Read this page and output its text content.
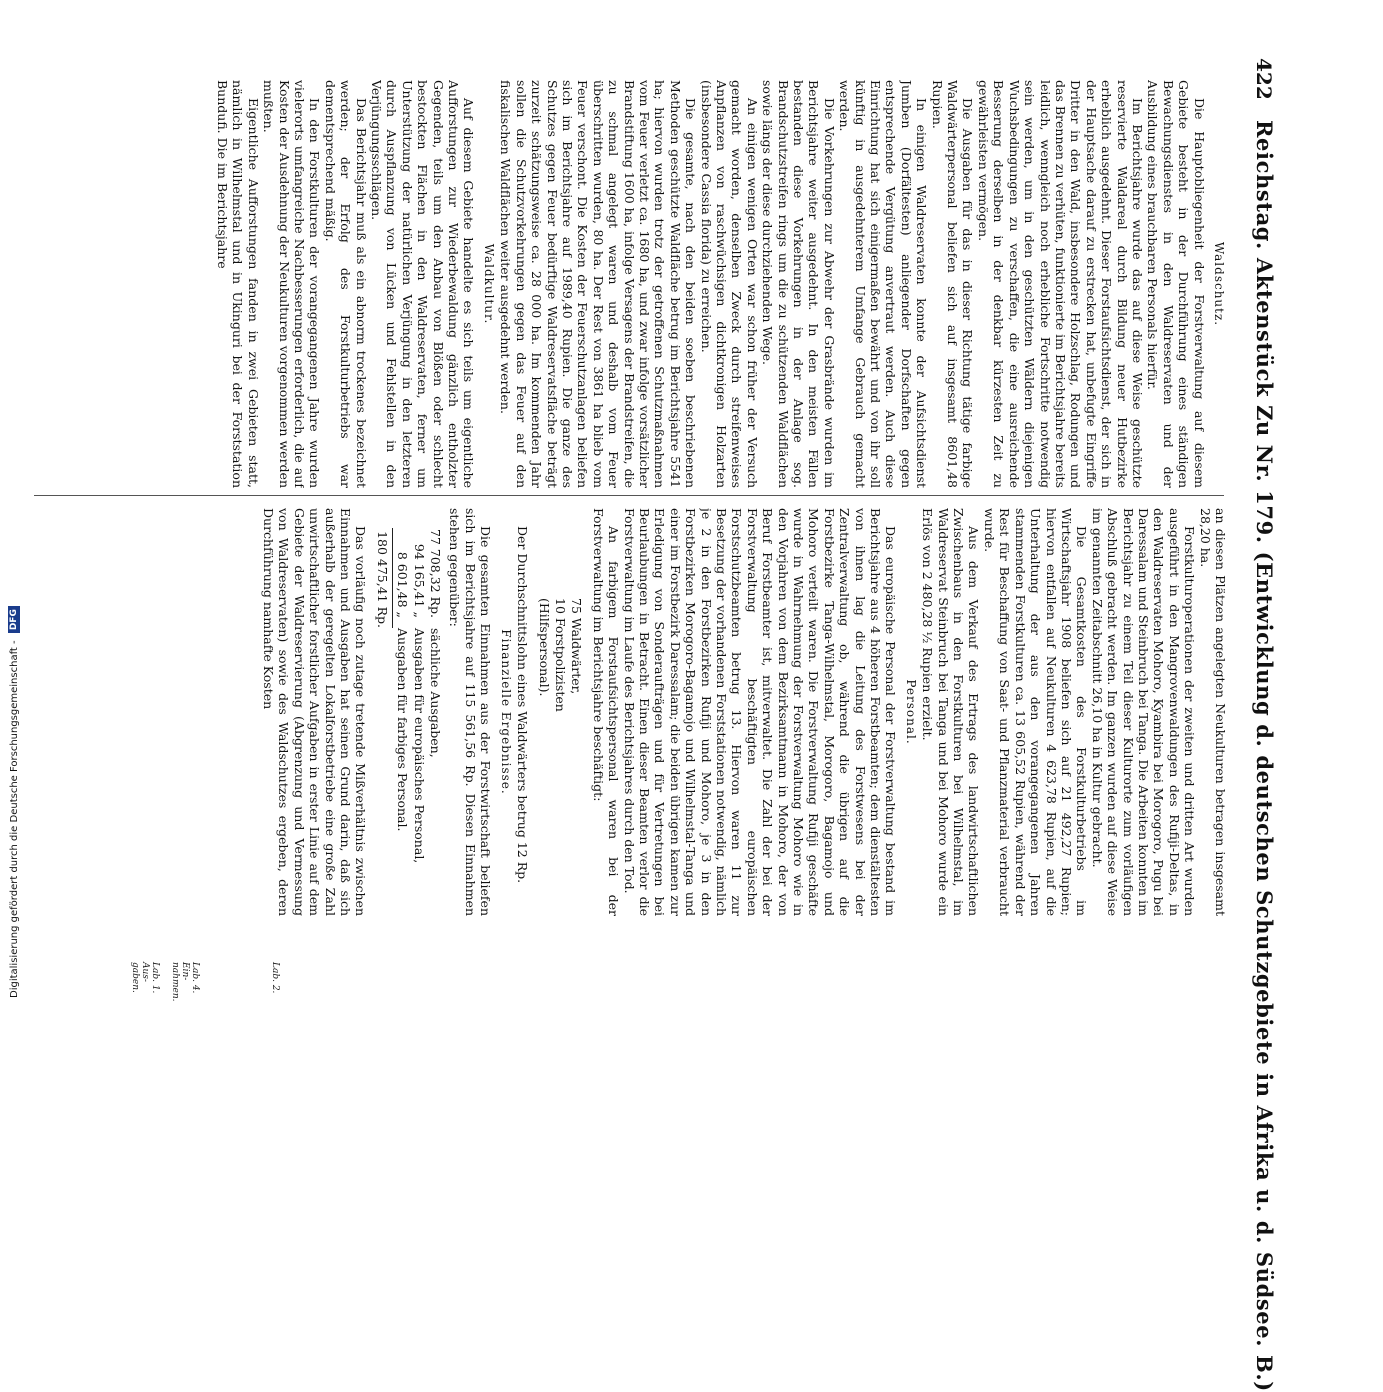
422
Reichstag. Aktenstück Zu Nr. 179. (Entwicklung d. deutschen Schutzgebiete in Afrika u. d. Südsee. B.)
Waldschutz.

Die Hauptobliegenheit der Forstverwaltung auf diesem Gebiete besteht in der Durchführung eines ständigen Bewachungsdienstes in den Waldreservaten und der Ausbildung eines brauchbaren Personals hierfür.

Im Berichtsjahre wurde das auf diese Weise geschützte reservierte Waldareal durch Bildung neuer Hutbezirke erheblich ausgedehnt. Dieser Forstaufsichtsdienst, der sich in der Hauptsache darauf zu erstrecken hat, unbefugte Eingriffe Dritter in den Wald, insbesondere Holzschlag, Rodungen und das Brennen zu verhüten, funktionierte im Berichtsjahre bereits leidlich, wenngleich noch erhebliche Fortschritte notwendig sein werden, um in den geschützten Wäldern diejenigen Wuchsbedingungen zu verschaffen, die eine ausreichende Besserung derselben in der denkbar kürzesten Zeit zu gewährleisten vermögen.

Die Ausgaben für das in dieser Richtung tätige farbige Waldwärterpersonal beliefen sich auf insgesamt 8601,48 Rupien.

In einigen Waldreservaten konnte der Aufsichtsdienst Jumben (Dorfältesten) anliegender Dorfschaften gegen entsprechende Vergütung anvertraut werden. Auch diese Einrichtung hat sich einigermaßen bewährt und von ihr soll künftig in ausgedehnterem Umfange Gebrauch gemacht werden.

Die Vorkehrungen zur Abwehr der Grasbrände wurden im Berichtsjahre weiter ausgedehnt. In den meisten Fällen bestanden diese Vorkehrungen in der Anlage sog. Brandschutzstreifen rings um die zu schützenden Waldflächen sowie längs der diese durchziehenden Wege.

An einigen wenigen Orten war schon früher der Versuch gemacht worden, denselben Zweck durch streifenweises Anpflanzen von raschwüchsigen dichtkronigen Holzarten (insbesondere Cassia florida) zu erreichen.

Die gesamte, nach den beiden soeben beschriebenen Methoden geschützte Waldfläche betrug im Berichtsjahre 5541 ha; hiervon wurden trotz der getroffenen Schutzmaßnahmen vom Feuer verletzt ca. 1680 ha, und zwar infolge vorsätzlicher Brandstiftung 1600 ha, infolge Versagens der Brandstreifen, die zu schmal angelegt waren und deshalb vom Feuer überschritten wurden, 80 ha. Der Rest von 3861 ha blieb vom Feuer verschont. Die Kosten der Feuerschutzanlagen beliefen sich im Berichtsjahre auf 1989,40 Rupien. Die ganze des Schutzes gegen Feuer bedürftige Waldreservatsfläche beträgt zurzeit schätzungsweise ca. 28 000 ha. Im kommenden Jahr sollen die Schutzvorkehrungen gegen das Feuer auf den fiskalischen Waldflächen weiter ausgedehnt werden.

Waldkultur.

Auf diesem Gebiete handelte es sich teils um eigentliche Aufforstungen zur Wiederbewaldung gänzlich entholzter Gegenden, teils um den Anbau von Blößen oder schlecht bestockten Flächen in den Waldreservaten, ferner um Unterstützung der natürlichen Verjüngung in den letzteren durch Auspflanzung von Lücken und Fehlstellen in den Verjüngungsschlägen.

Das Berichtsjahr muß als ein abnorm trockenes bezeichnet werden; der Erfolg des Forstkulturbetriebs war dementsprechend mäßig.

In den Forstkulturen der vorangegangenen Jahre wurden vielerorts umfangreiche Nachbesserungen erforderlich, die auf Kosten der Ausdehnung der Neukulturen vorgenommen werden mußten.

Eigentliche Aufforstungen fanden in zwei Gebieten statt, nämlich in Wilhelmstal und in Ukinguri bei der Forststation Bundufi. Die im Berichtsjahre

an diesen Plätzen angelegten Neukulturen betragen insgesamt 28,20 ha.

Forstkulturoperationen der zweiten und dritten Art wurden ausgeführt in den Mangrovenwaldungen des Rufiji-Deltas, in den Waldreservaten Mohoro, Kyambira bei Morogoro, Pugu bei Daressalam und Steinbruch bei Tanga. Die Arbeiten konnten im Berichtsjahr zu einem Teil dieser Kulturorte zum vorläufigen Abschluß gebracht werden. Im ganzen wurden auf diese Weise im genannten Zeitabschnitt 26,10 ha in Kultur gebracht.

Die Gesamtkosten des Forstkulturbetriebs im Wirtschaftsjahr 1908 beliefen sich auf 21 492,27 Rupien; hiervon entfallen auf Neukulturen 4 623,78 Rupien, auf die Unterhaltung der aus den vorangegangenen Jahren stammenden Forstkulturen ca. 13 605,52 Rupien, während der Rest für Beschaffung von Saat- und Pflanzmaterial verbraucht wurde.

Aus dem Verkauf des Ertrags des landwirtschaftlichen Zwischenbaus in den Forstkulturen bei Wilhelmstal, im Waldreservat Steinbruch bei Tanga und bei Mohoro wurde ein Erlös von 2 480,28 ½ Rupien erzielt.

Personal.

Das europäische Personal der Forstverwaltung bestand im Berichtsjahre aus 4 höheren Forstbeamten; dem dienstältesten von ihnen lag die Leitung des Forstwesens bei der Zentralverwaltung ob, während die übrigen auf die Forstbezirke Tanga-Wilhelmstal, Morogoro, Bagamojo und Mohoro verteilt waren. Die Forstverwaltung Rufiji geschäfte wurde in Wahrnehmung der Forstverwaltung Mohoro wie in den Vorjahren von dem Bezirksamtmann in Mohoro, der von Beruf Forstbeamter ist, mitverwaltet. Die Zahl der bei der Forstverwaltung beschäftigten europäischen Forstschutzbeamten betrug 13. Hiervon waren 11 zur Besetzung der vorhandenen Forststationen notwendig, nämlich je 2 in den Forstbezirken Rufiji und Mohoro, je 3 in den Forstbezirken Morogoro-Bagamojo und Wilhelmstal-Tanga und einer im Forstbezirk Daressalam; die beiden übrigen kamen zur Erledigung von Sonderaufträgen und für Vertretungen bei Beurlaubungen in Betracht. Einen dieser Beamten verlor die Forstverwaltung im Laufe des Berichtsjahres durch den Tod.

An farbigem Forstaufsichtspersonal waren bei der Forstverwaltung im Berichtsjahre beschäftigt:

75 Waldwärter,
10 Forstpolizisten
(Hilfspersonal).

Der Durchschnittslohn eines Waldwärters betrug 12 Rp.

Finanzielle Ergebnisse.

Die gesamten Einnahmen aus der Forstwirtschaft beliefen sich im Berichtsjahre auf 115 561,56 Rp. Diesen Einnahmen stehen gegenüber:

77 708,32 Rp.
sächliche Ausgaben,
94 165,41 „
Ausgaben für europäisches Personal,
8 601,48 „
Ausgaben für farbiges Personal.
180 475,41 Rp.

Das vorläufig noch zutage tretende Mißverhältnis zwischen Einnahmen und Ausgaben hat seinen Grund darin, daß sich außerhalb der geregelten Lokalforstbetriebe eine große Zahl unwirtschaftlicher forstlicher Aufgaben in erster Linie auf dem Gebiete der Waldreservierung (Abgrenzung und Vermessung von Waldreservaten) sowie des Waldschutzes ergeben, deren Durchführung namhafte Kosten

Lab. 2.
Lab. 4. Ein-nahmen.
Lab. 1. Aus-gaben.
Digitalisierung gefördert durch die Deutsche Forschungsgemeinschaft - DFG
